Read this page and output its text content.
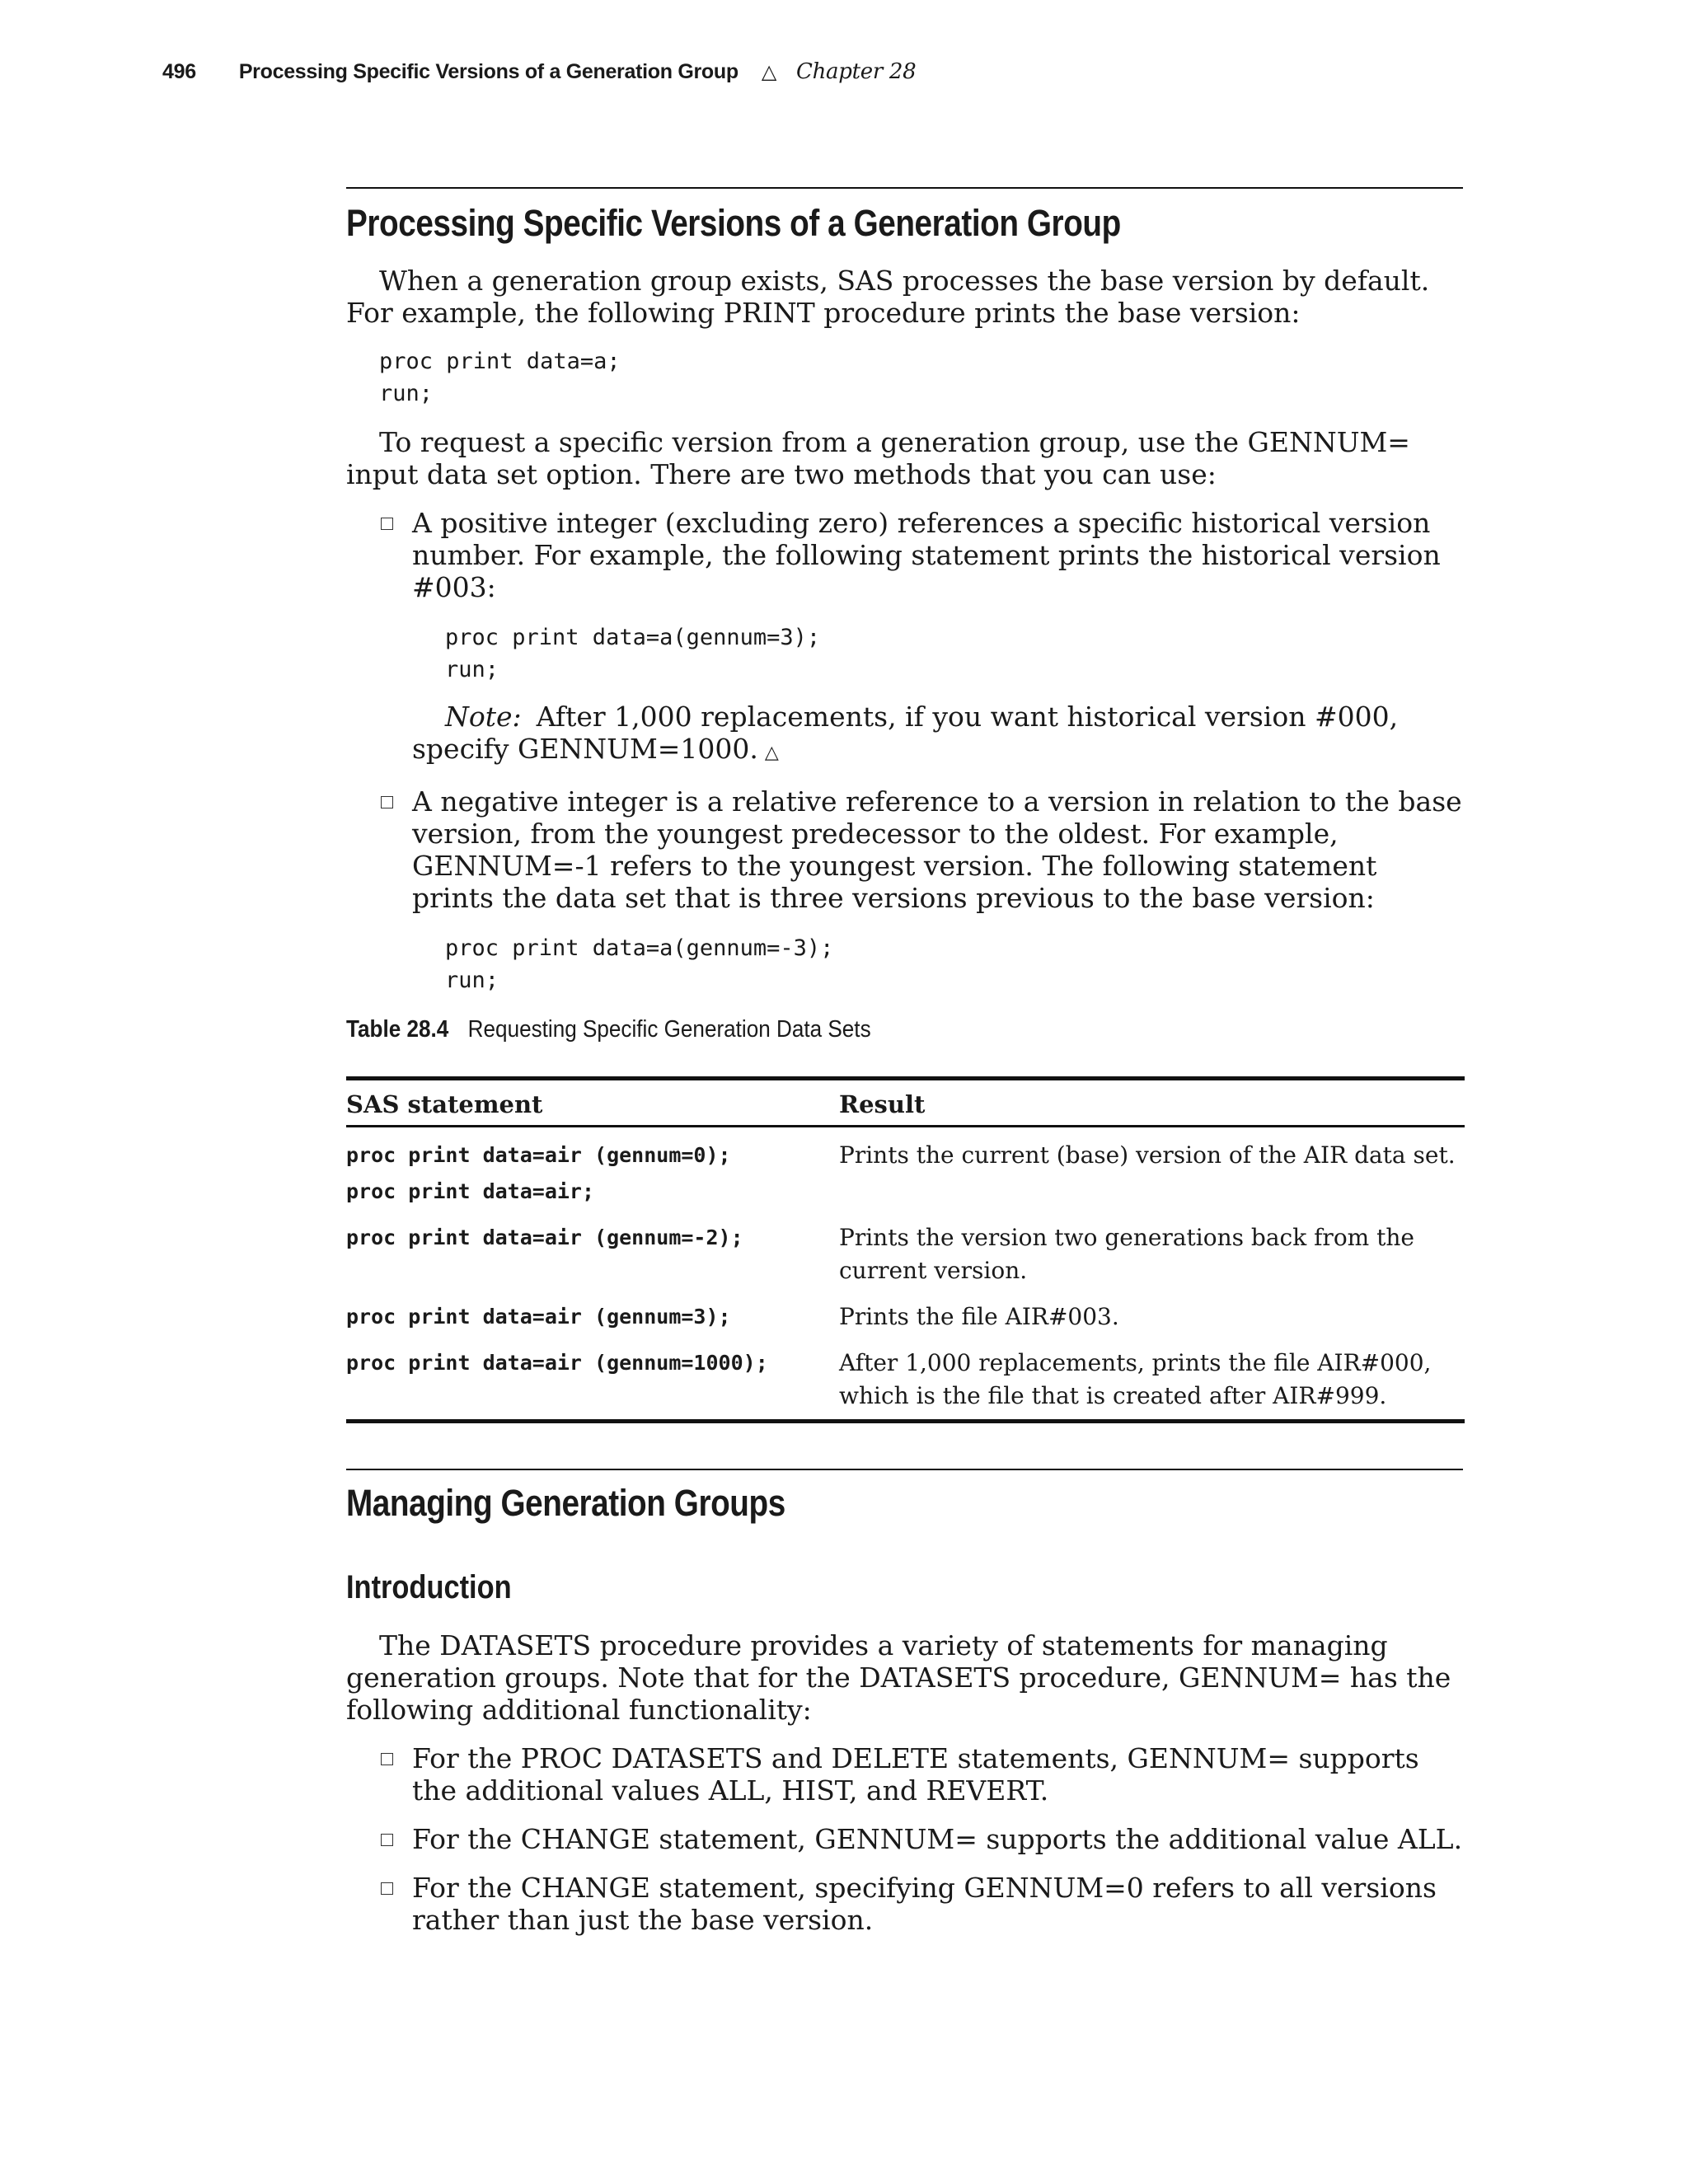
496 Processing Specific Versions of a Generation Group △ Chapter 28
Processing Specific Versions of a Generation Group

When a generation group exists, SAS processes the base version by default. For example, the following PRINT procedure prints the base version:

proc print data=a;
run;

To request a specific version from a generation group, use the GENNUM= input data set option. There are two methods that you can use:

A positive integer (excluding zero) references a specific historical version number. For example, the following statement prints the historical version #003:
proc print data=a(gennum=3);
run;
Note: After 1,000 replacements, if you want historical version #000, specify GENNUM=1000. △
A negative integer is a relative reference to a version in relation to the base version, from the youngest predecessor to the oldest. For example, GENNUM=-1 refers to the youngest version. The following statement prints the data set that is three versions previous to the base version:
proc print data=a(gennum=-3);
run;
Table 28.4 Requesting Specific Generation Data Sets
SAS statement	Result
proc print data=air (gennum=0);	Prints the current (base) version of the AIR data set.
proc print data=air;	
proc print data=air (gennum=-2);	Prints the version two generations back from the current version.
proc print data=air (gennum=3);	Prints the file AIR#003.
proc print data=air (gennum=1000);	After 1,000 replacements, prints the file AIR#000, which is the file that is created after AIR#999.
Managing Generation Groups
Introduction

The DATASETS procedure provides a variety of statements for managing generation groups. Note that for the DATASETS procedure, GENNUM= has the following additional functionality:

For the PROC DATASETS and DELETE statements, GENNUM= supports the additional values ALL, HIST, and REVERT.
For the CHANGE statement, GENNUM= supports the additional value ALL.
For the CHANGE statement, specifying GENNUM=0 refers to all versions rather than just the base version.
